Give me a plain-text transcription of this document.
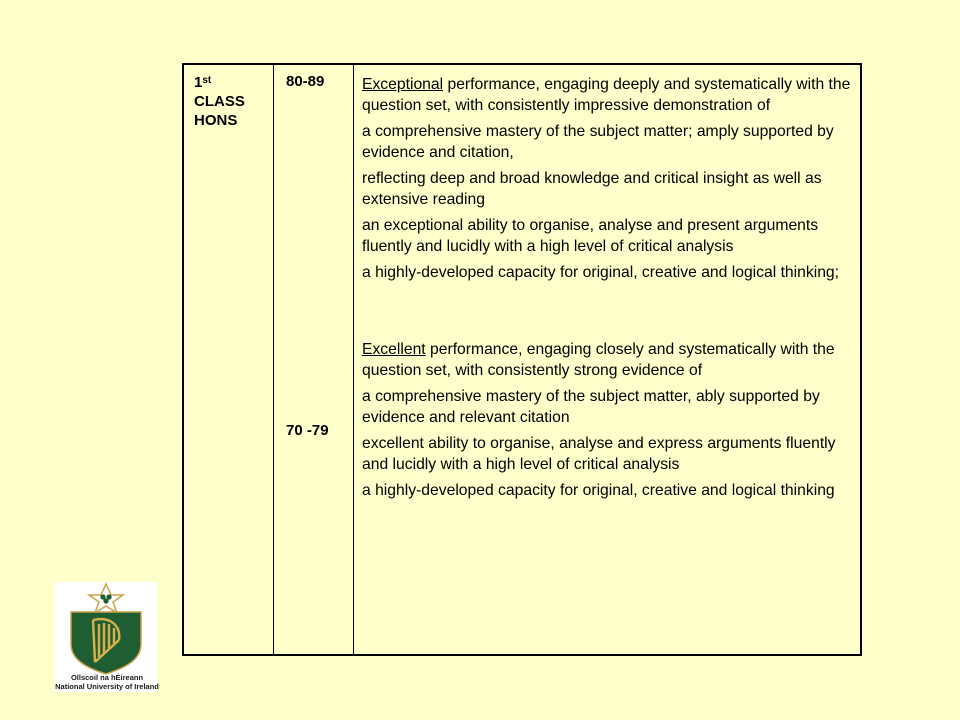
1st
CLASS
HONS
80-89
70 -79

Exceptional performance, engaging deeply and systematically with the question set, with consistently impressive demonstration of

a comprehensive mastery of the subject matter; amply supported by evidence and citation,

reflecting deep and broad knowledge and critical insight as well as extensive reading

an exceptional ability to organise, analyse and present arguments fluently and lucidly with a high level of critical analysis

a highly-developed capacity for original, creative and logical thinking;

Excellent performance, engaging closely and systematically with the question set, with consistently strong evidence of

a comprehensive mastery of the subject matter, ably supported by evidence and relevant citation

excellent ability to organise, analyse and express arguments fluently and lucidly with a high level of critical analysis

a highly-developed capacity for original, creative and logical thinking

Ollscoil na hÉireann
National University of Ireland
